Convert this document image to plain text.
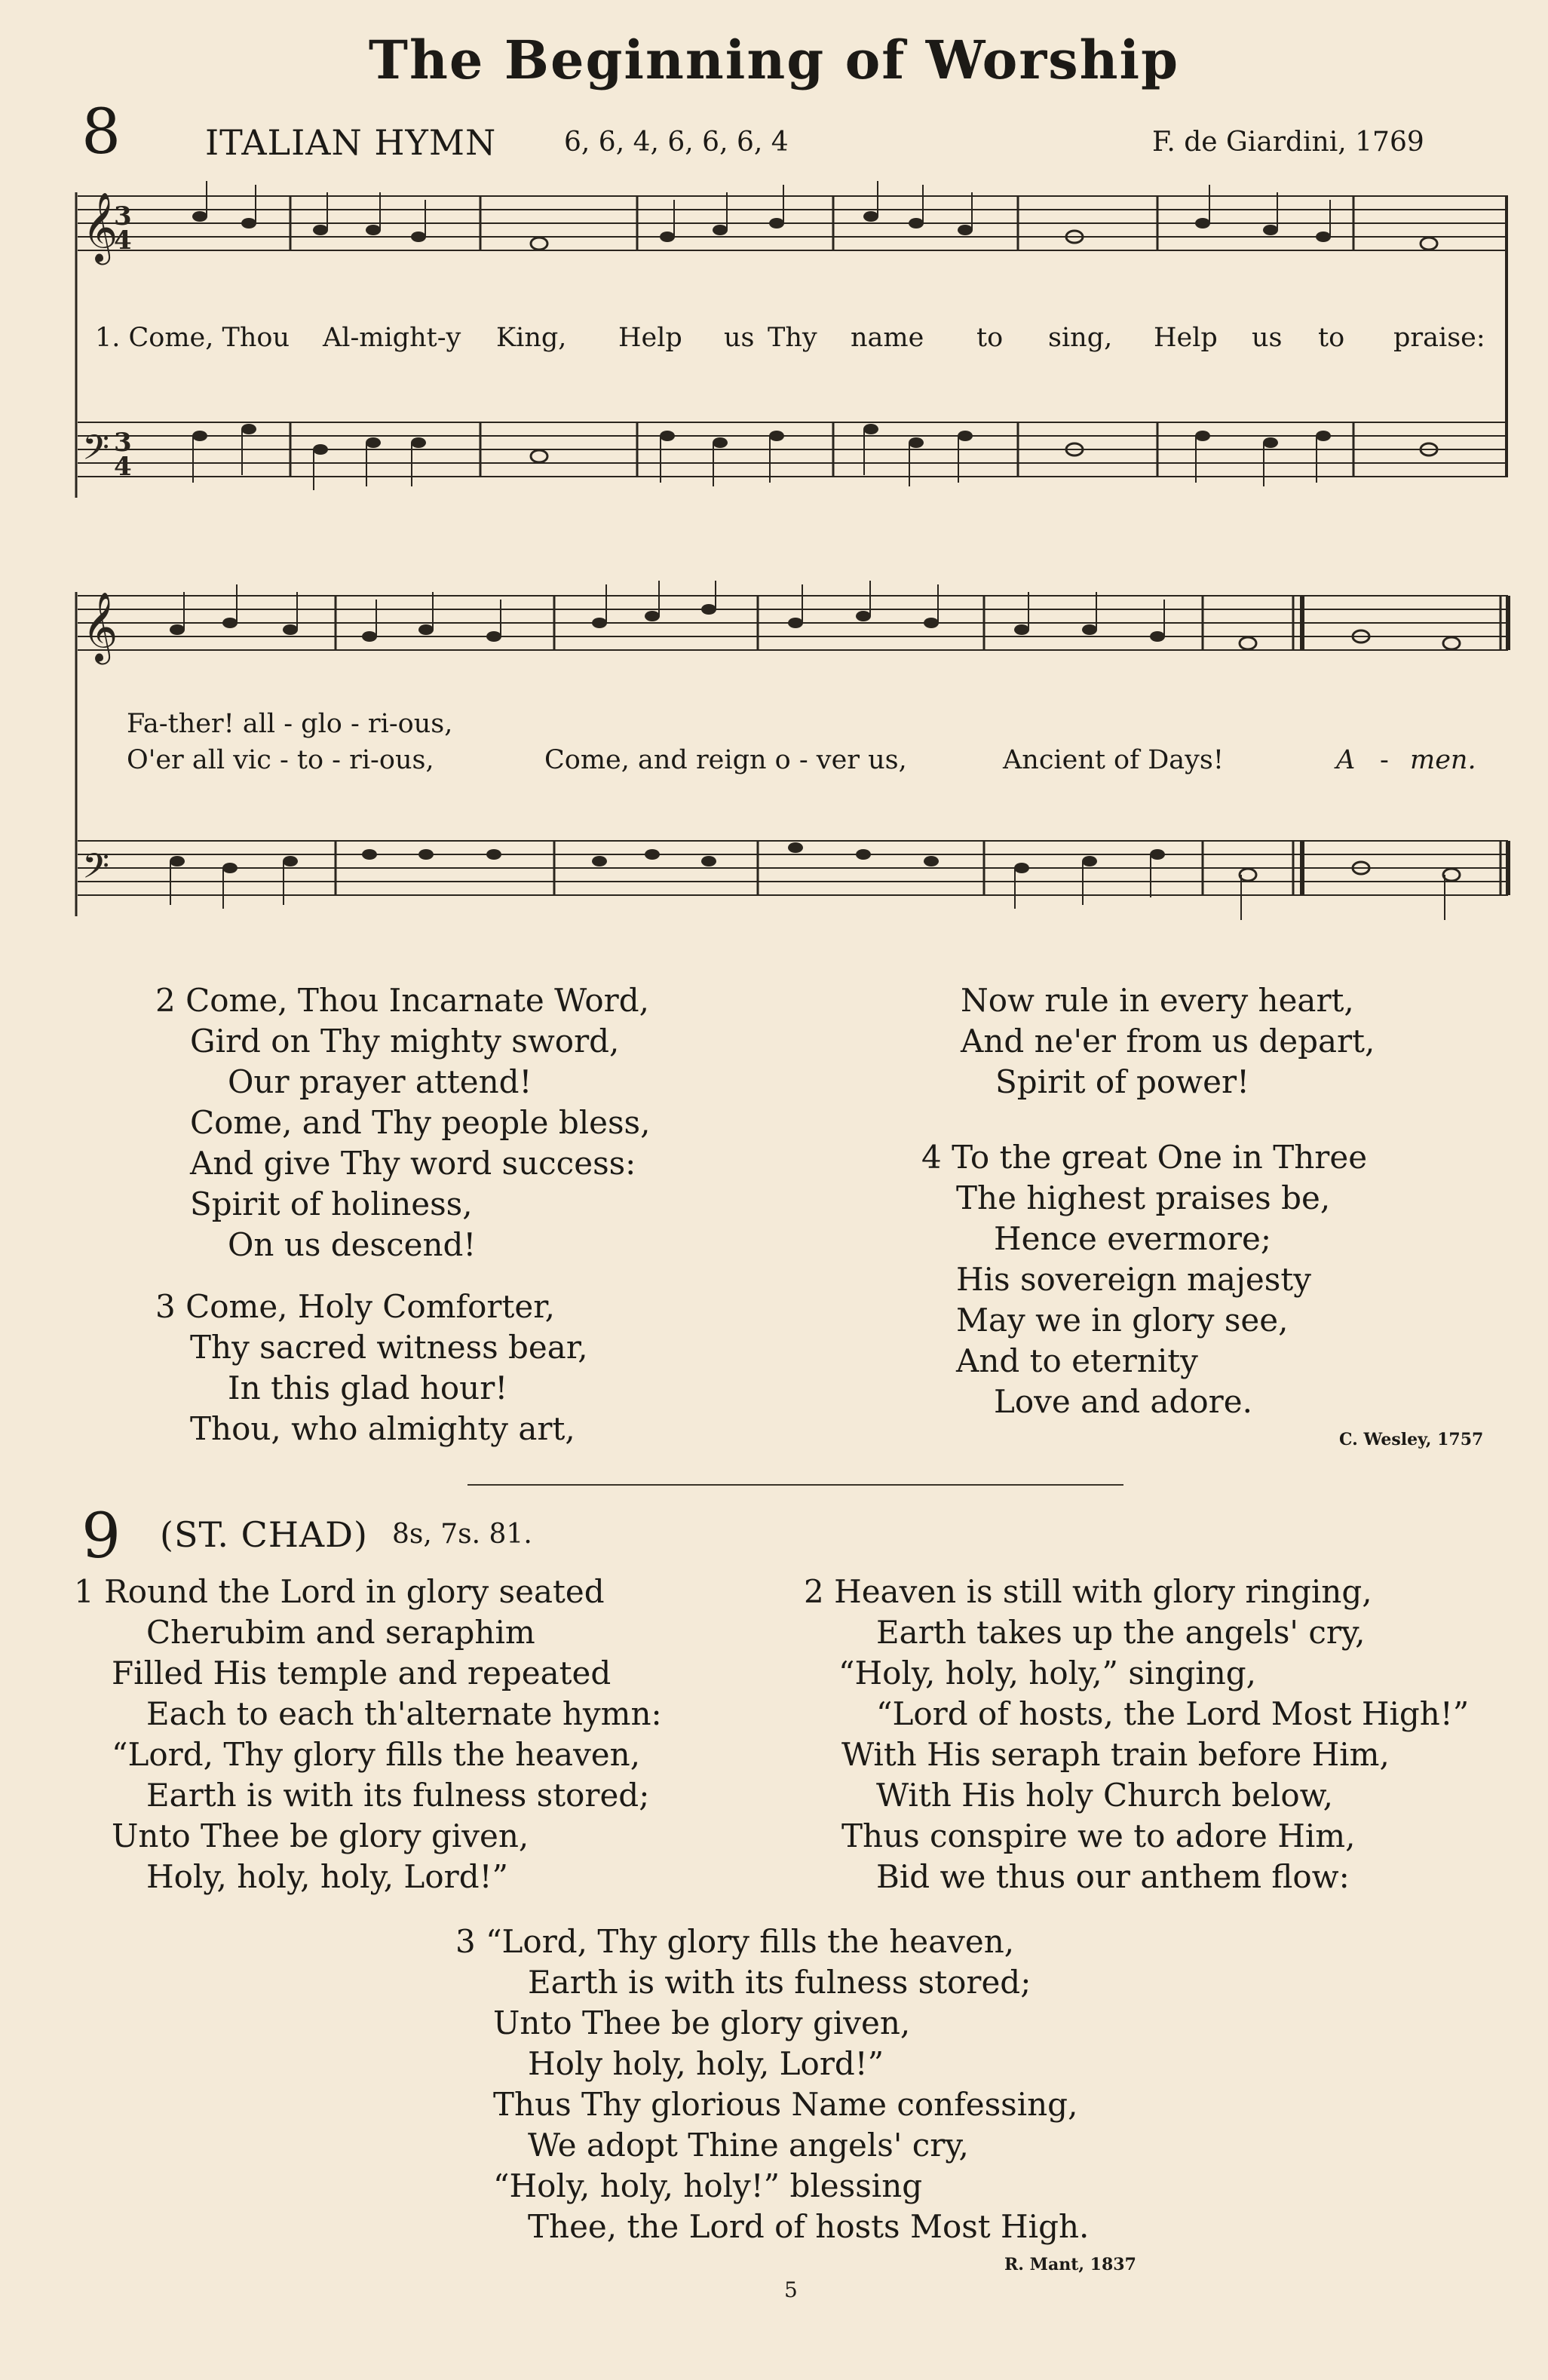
The Beginning of Worship
8 ITALIAN HYMN 6, 6, 4, 6, 6, 6, 4	F. de Giardini, 1769
𝄞
3
4
𝄢 3
4
1. Come, Thou Al-might-y King, Help us Thy name to sing, Help us to praise:
𝄞
𝄢
Fa-ther! all - glo - ri-ous,
O'er all vic - to - ri-ous,	Come, and reign o - ver us,	Ancient of Days!	A - men.
2 Come, Thou Incarnate Word,
Gird on Thy mighty sword,
Our prayer attend!
Come, and Thy people bless,
And give Thy word success:
Spirit of holiness,
On us descend!
3 Come, Holy Comforter,
Thy sacred witness bear,
In this glad hour!
Thou, who almighty art,
Now rule in every heart,
And ne'er from us depart,
Spirit of power!
4 To the great One in Three
The highest praises be,
Hence evermore;
His sovereign majesty
May we in glory see,
And to eternity
Love and adore.
C. Wesley, 1757
9 (ST. CHAD) 8s, 7s. 81.
1 Round the Lord in glory seated
Cherubim and seraphim
Filled His temple and repeated
Each to each th'alternate hymn:
“Lord, Thy glory fills the heaven,
Earth is with its fulness stored;
Unto Thee be glory given,
Holy, holy, holy, Lord!”
2 Heaven is still with glory ringing,
Earth takes up the angels' cry,
“Holy, holy, holy,” singing,
“Lord of hosts, the Lord Most High!”
With His seraph train before Him,
With His holy Church below,
Thus conspire we to adore Him,
Bid we thus our anthem flow:
3 “Lord, Thy glory fills the heaven,
Earth is with its fulness stored;
Unto Thee be glory given,
Holy holy, holy, Lord!”
Thus Thy glorious Name confessing,
We adopt Thine angels' cry,
“Holy, holy, holy!” blessing
Thee, the Lord of hosts Most High.
R. Mant, 1837
5
